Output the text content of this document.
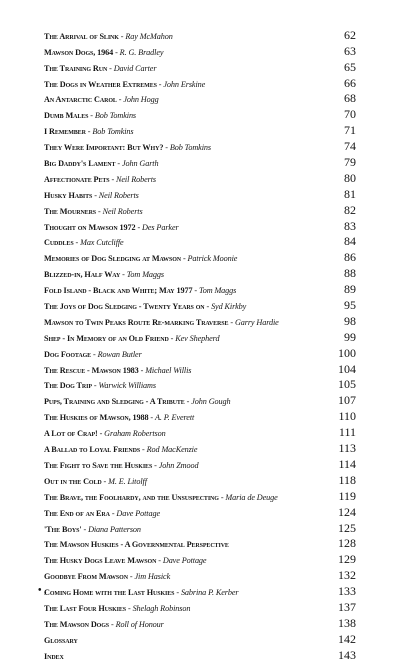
The Arrival of Slink - Ray McMahon	62
Mawson Dogs, 1964 - R. G. Bradley	63
The Training Run - David Carter	65
The Dogs in Weather Extremes - John Erskine	66
An Antarctic Carol - John Hogg	68
Dumb Males - Bob Tomkins	70
I Remember - Bob Tomkins	71
They Were Important: But Why? - Bob Tomkins	74
Big Daddy's Lament - John Garth	79
Affectionate Pets - Neil Roberts	80
Husky Habits - Neil Roberts	81
The Mourners - Neil Roberts	82
Thought on Mawson 1972 - Des Parker	83
Cuddles - Max Cutcliffe	84
Memories of Dog Sledging at Mawson - Patrick Moonie	86
Blizzed-in, Half Way - Tom Maggs	88
Fold Island - Black and White; May 1977 - Tom Maggs	89
The Joys of Dog Sledging - Twenty Years on - Syd Kirkby	95
Mawson to Twin Peaks Route Re-marking Traverse - Garry Hardie	98
Shep - In Memory of an Old Friend - Kev Shepherd	99
Dog Footage - Rowan Butler	100
The Rescue - Mawson 1983 - Michael Willis	104
The Dog Trip - Warwick Williams	105
Pups, Training and Sledging - A Tribute - John Gough	107
The Huskies of Mawson, 1988 - A. P. Everett	110
A Lot of Crap! - Graham Robertson	111
A Ballad to Loyal Friends - Rod MacKenzie	113
The Fight to Save the Huskies - John Zmood	114
Out in the Cold - M. E. Litolff	118
The Brave, the Foolhardy, and the Unsuspecting - Maria de Deuge	119
The End of an Era - Dave Pottage	124
'The Boys' - Diana Patterson	125
The Mawson Huskies - A Governmental Perspective	128
The Husky Dogs Leave Mawson - Dave Pottage	129
Goodbye From Mawson - Jim Hasick	132
Coming Home with the Last Huskies - Sabrina P. Kerber	133
The Last Four Huskies - Shelagh Robinson	137
The Mawson Dogs - Roll of Honour	138
Glossary	142
Index	143
• ,
